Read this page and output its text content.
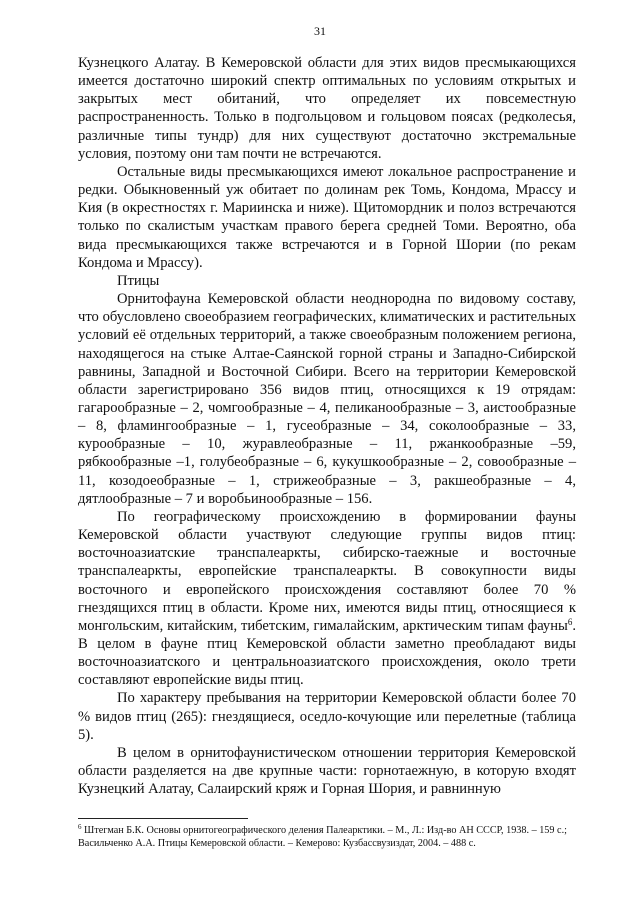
31

Кузнецкого Алатау. В Кемеровской области для этих видов пресмыкающихся имеется достаточно широкий спектр оптимальных по условиям открытых и закрытых мест обитаний, что определяет их повсеместную распространенность. Только в подгольцовом и гольцовом поясах (редколесья, различные типы тундр) для них существуют достаточно экстремальные условия, поэтому они там почти не встречаются.

Остальные виды пресмыкающихся имеют локальное распространение и редки. Обыкновенный уж обитает по долинам рек Томь, Кондома, Мрассу и Кия (в окрестностях г. Мариинска и ниже). Щитомордник и полоз встречаются только по скалистым участкам правого берега средней Томи. Вероятно, оба вида пресмыкающихся также встречаются и в Горной Шории (по рекам Кондома и Мрассу).

Птицы

Орнитофауна Кемеровской области неоднородна по видовому составу, что обусловлено своеобразием географических, климатических и растительных условий её отдельных территорий, а также своеобразным положением региона, находящегося на стыке Алтае-Саянской горной страны и Западно-Сибирской равнины, Западной и Восточной Сибири. Всего на территории Кемеровской области зарегистрировано 356 видов птиц, относящихся к 19 отрядам: гагарообразные – 2, чомгообразные – 4, пеликанообразные – 3, аистообразные – 8, фламингообразные – 1, гусеобразные – 34, соколообразные – 33, курообразные – 10, журавлеобразные – 11, ржанкообразные –59, рябкообразные –1, голубеобразные – 6, кукушкообразные – 2, совообразные – 11, козодоеобразные – 1, стрижеобразные – 3, ракшеобразные – 4, дятлообразные – 7 и воробьинообразные – 156.

По географическому происхождению в формировании фауны Кемеровской области участвуют следующие группы видов птиц: восточноазиатские транспалеаркты, сибирско-таежные и восточные транспалеаркты, европейские транспалеаркты. В совокупности виды восточного и европейского происхождения составляют более 70 % гнездящихся птиц в области. Кроме них, имеются виды птиц, относящиеся к монгольским, китайским, тибетским, гималайским, арктическим типам фауны$^6$. В целом в фауне птиц Кемеровской области заметно преобладают виды восточноазиатского и центральноазиатского происхождения, около трети составляют европейские виды птиц.

По характеру пребывания на территории Кемеровской области более 70 % видов птиц (265): гнездящиеся, оседло-кочующие или перелетные (таблица 5).

В целом в орнитофаунистическом отношении территория Кемеровской области разделяется на две крупные части: горнотаежную, в которую входят Кузнецкий Алатау, Салаирский кряж и Горная Шория, и равнинную

$^6$ Штегман Б.К. Основы орнитогеографического деления Палеарктики. – М., Л.: Изд-во АН СССР, 1938. – 159 с.; Васильченко А.А. Птицы Кемеровской области. – Кемерово: Кузбассвузиздат, 2004. – 488 с.
